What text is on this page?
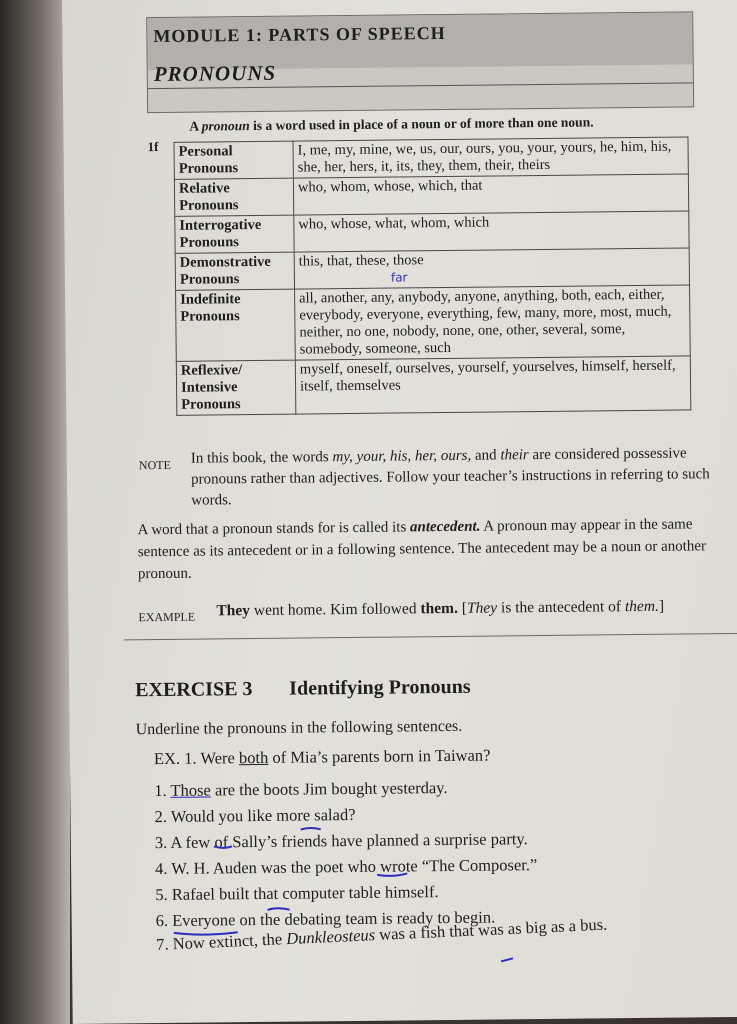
MODULE 1: PARTS OF SPEECH
PRONOUNS
1f
A pronoun is a word used in place of a noun or of more than one noun.
Personal Pronouns	I, me, my, mine, we, us, our, ours, you, your, yours, he, him, his, she, her, hers, it, its, they, them, their, theirs
Relative Pronouns	who, whom, whose, which, that
Interrogative Pronouns	who, whose, what, whom, which
Demonstrative Pronouns	this, that, these, those
far
Indefinite Pronouns	all, another, any, anybody, anyone, anything, both, each, either, everybody, everyone, everything, few, many, more, most, much, neither, no one, nobody, none, one, other, several, some, somebody, someone, such
Reflexive/ Intensive Pronouns	myself, oneself, ourselves, yourself, yourselves, himself, herself, itself, themselves
NOTE In this book, the words my, your, his, her, ours, and their are considered possessive pronouns rather than adjectives. Follow your teacher’s instructions in referring to such words.
A word that a pronoun stands for is called its antecedent. A pronoun may appear in the same sentence as its antecedent or in a following sentence. The antecedent may be a noun or another pronoun.
EXAMPLE They went home. Kim followed them. [They is the antecedent of them.]
EXERCISE 3 Identifying Pronouns
Underline the pronouns in the following sentences.
EX. 1. Were both of Mia’s parents born in Taiwan?
1. Those are the boots Jim bought yesterday.
2. Would you like more salad?
3. A few of Sally’s friends have planned a surprise party.
4. W. H. Auden was the poet who wrote “The Composer.”
5. Rafael built that computer table himself.
6. Everyone on the debating team is ready to begin.
7. Now extinct, the Dunkleosteus was a fish that was as big as a bus.
